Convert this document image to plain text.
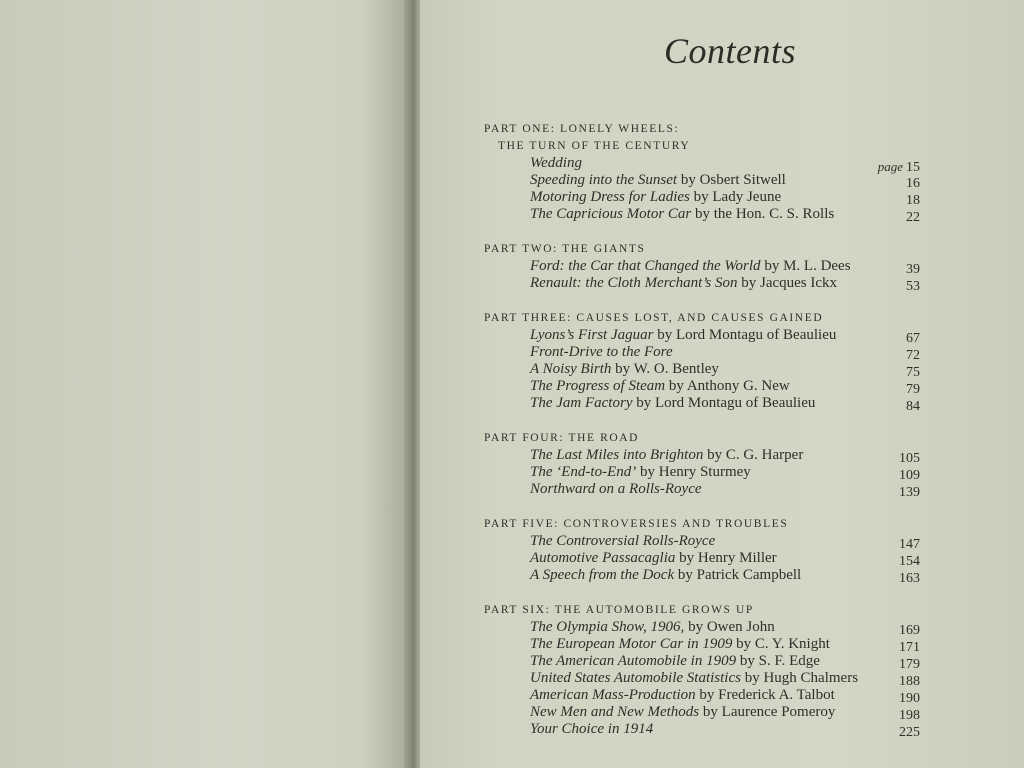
Contents
PART ONE: LONELY WHEELS:
THE TURN OF THE CENTURY
Wedding	page 15
Speeding into the Sunset by Osbert Sitwell	16
Motoring Dress for Ladies by Lady Jeune	18
The Capricious Motor Car by the Hon. C. S. Rolls	22
PART TWO: THE GIANTS
Ford: the Car that Changed the World by M. L. Dees	39
Renault: the Cloth Merchant’s Son by Jacques Ickx	53
PART THREE: CAUSES LOST, AND CAUSES GAINED
Lyons’s First Jaguar by Lord Montagu of Beaulieu	67
Front-Drive to the Fore	72
A Noisy Birth by W. O. Bentley	75
The Progress of Steam by Anthony G. New	79
The Jam Factory by Lord Montagu of Beaulieu	84
PART FOUR: THE ROAD
The Last Miles into Brighton by C. G. Harper	105
The ‘End-to-End’ by Henry Sturmey	109
Northward on a Rolls-Royce	139
PART FIVE: CONTROVERSIES AND TROUBLES
The Controversial Rolls-Royce	147
Automotive Passacaglia by Henry Miller	154
A Speech from the Dock by Patrick Campbell	163
PART SIX: THE AUTOMOBILE GROWS UP
The Olympia Show, 1906, by Owen John	169
The European Motor Car in 1909 by C. Y. Knight	171
The American Automobile in 1909 by S. F. Edge	179
United States Automobile Statistics by Hugh Chalmers	188
American Mass-Production by Frederick A. Talbot	190
New Men and New Methods by Laurence Pomeroy	198
Your Choice in 1914	225
